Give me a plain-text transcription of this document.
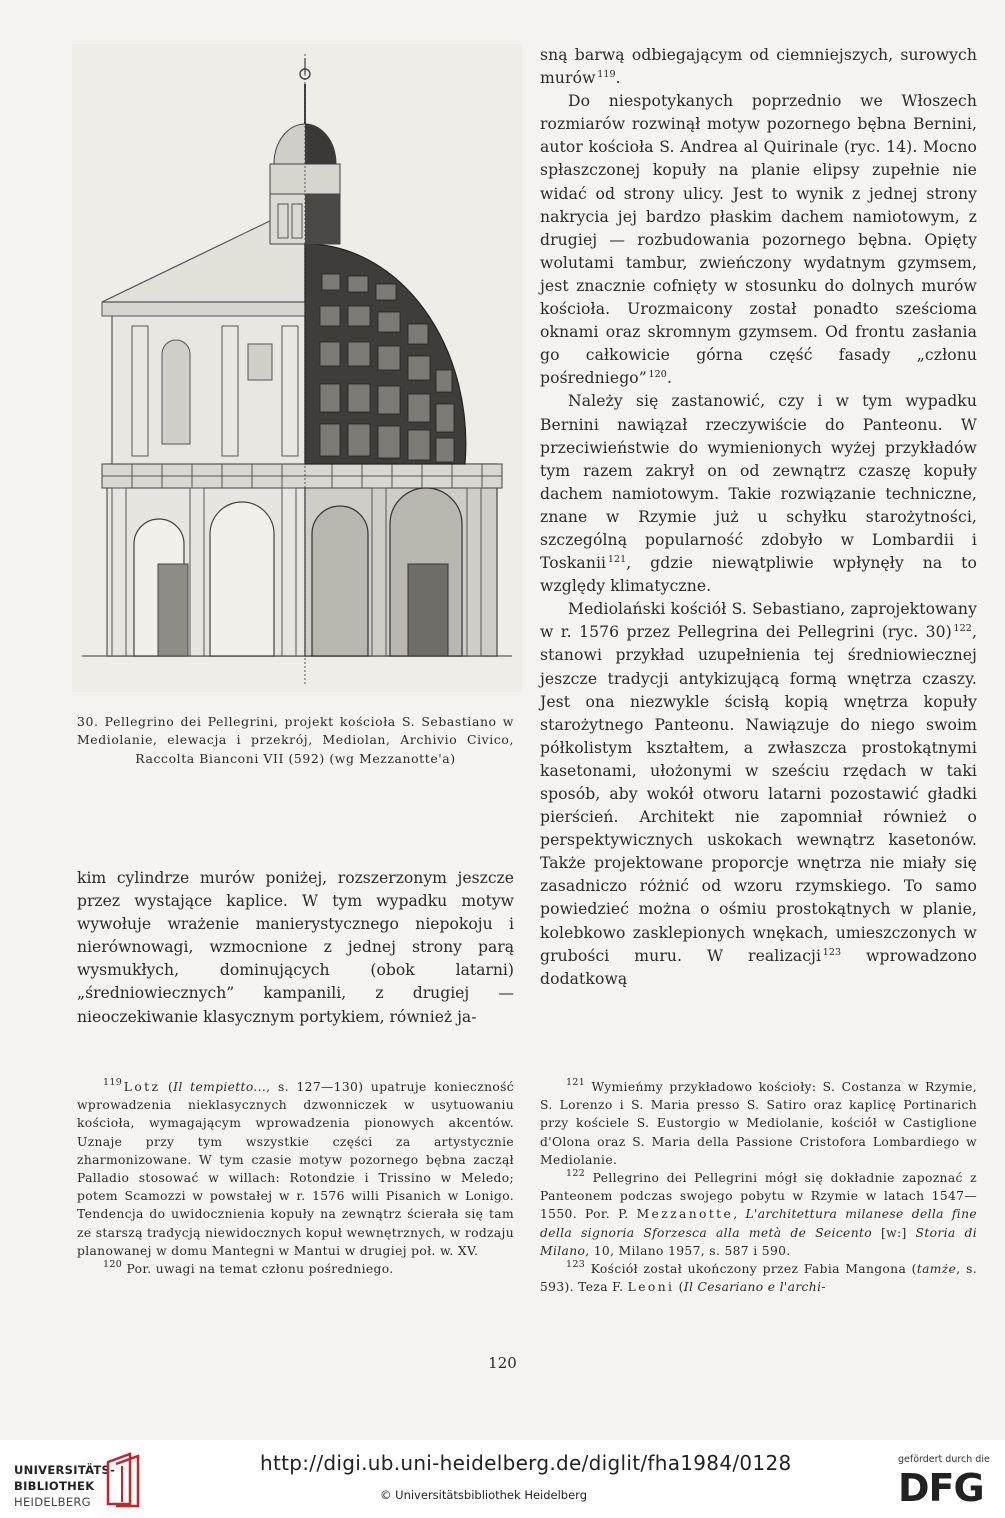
30. Pellegrino dei Pellegrini, projekt kościoła S. Sebastiano w Mediolanie, elewacja i przekrój, Mediolan, Archivio Civico, Raccolta Bianconi VII (592) (wg Mezzanotte'a)

kim cylindrze murów poniżej, rozszerzonym jeszcze przez wystające kaplice. W tym wypadku motyw wywołuje wrażenie manierystycznego niepokoju i nierównowagi, wzmocnione z jednej strony parą wysmukłych, dominujących (obok latarni) „średniowiecznych” kampanili, z drugiej — nieoczekiwanie klasycznym portykiem, również ja-

sną barwą odbiegającym od ciemniejszych, surowych murów  $^{119}$.

Do niespotykanych poprzednio we Włoszech rozmiarów rozwinął motyw pozornego bębna Bernini, autor kościoła S. Andrea al Quirinale (ryc. 14). Mocno spłaszczonej kopuły na planie elipsy zupełnie nie widać od strony ulicy. Jest to wynik z jednej strony nakrycia jej bardzo płaskim dachem namiotowym, z drugiej — rozbudowania pozornego bębna. Opięty wolutami tambur, zwieńczony wydatnym gzymsem, jest znacznie cofnięty w stosunku do dolnych murów kościoła. Urozmaicony został ponadto sześcioma oknami oraz skromnym gzymsem. Od frontu zasłania go całkowicie górna część fasady „członu pośredniego”  $^{120}$.

Należy się zastanowić, czy i w tym wypadku Bernini nawiązał rzeczywiście do Panteonu. W przeciwieństwie do wymienionych wyżej przykładów tym razem zakrył on od zewnątrz czaszę kopuły dachem namiotowym. Takie rozwiązanie techniczne, znane w Rzymie już u schyłku starożytności, szczególną popularność zdobyło w Lombardii i Toskanii  $^{121}$, gdzie niewątpliwie wpłynęły na to względy klimatyczne.

Mediolański kościół S. Sebastiano, zaprojektowany w r. 1576 przez Pellegrina dei Pellegrini (ryc. 30)  $^{122}$, stanowi przykład uzupełnienia tej średniowiecznej jeszcze tradycji antykizującą formą wnętrza czaszy. Jest ona niezwykle ścisłą kopią wnętrza kopuły starożytnego Panteonu. Nawiązuje do niego swoim półkolistym kształtem, a zwłaszcza prostokątnymi kasetonami, ułożonymi w sześciu rzędach w taki sposób, aby wokół otworu latarni pozostawić gładki pierścień. Architekt nie zapomniał również o perspektywicznych uskokach wewnątrz kasetonów. Także projektowane proporcje wnętrza nie miały się zasadniczo różnić od wzoru rzymskiego. To samo powiedzieć można o ośmiu prostokątnych w planie, kolebkowo zasklepionych wnękach, umieszczonych w grubości muru. W realizacji  $^{123}$ wprowadzono dodatkową

$^{119}$  Lotz (Il tempietto..., s. 127—130) upatruje konieczność wprowadzenia nieklasycznych dzwonniczek w usytuowaniu kościoła, wymagającym wprowadzenia pionowych akcentów. Uznaje przy tym wszystkie części za artystycznie zharmonizowane. W tym czasie motyw pozornego bębna zaczął Palladio stosować w willach: Rotondzie i Trissino w Meledo; potem Scamozzi w powstałej w r. 1576 willi Pisanich w Lonigo. Tendencja do uwidocznienia kopuły na zewnątrz ścierała się tam ze starszą tradycją niewidocznych kopuł wewnętrznych, w rodzaju planowanej w domu Mantegni w Mantui w drugiej poł. w. XV.

$^{120}$ Por. uwagi na temat członu pośredniego.

$^{121}$ Wymieńmy przykładowo kościoły: S. Costanza w Rzymie, S. Lorenzo i S. Maria presso S. Satiro oraz kaplicę Portinarich przy kościele S. Eustorgio w Mediolanie, kościół w Castiglione d'Olona oraz S. Maria della Passione Cristofora Lombardiego w Mediolanie.

$^{122}$ Pellegrino dei Pellegrini mógł się dokładnie zapoznać z Panteonem podczas swojego pobytu w Rzymie w latach 1547—1550. Por. P. Mezzanotte, L'architettura milanese della fine della signoria Sforzesca alla metà de Seicento [w:] Storia di Milano, 10, Milano 1957, s. 587 i 590.

$^{123}$ Kościół został ukończony przez Fabia Mangona (tamże, s. 593). Teza F. Leoni (Il Cesariano e l'archi-

120
UNIVERSITÄTS-
BIBLIOTHEK
HEIDELBERG
http://digi.ub.uni-heidelberg.de/diglit/fha1984/0128
© Universitätsbibliothek Heidelberg
gefördert durch die
DFG
